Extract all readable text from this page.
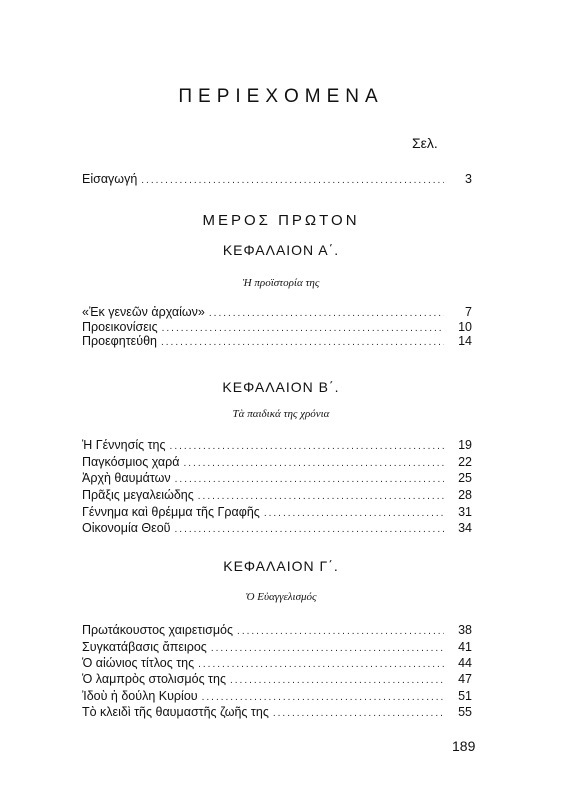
ΠΕΡΙΕΧΟΜΕΝΑ
Σελ.
Εἰσαγωγή .....	3
ΜΕΡΟΣ ΠΡΩΤΟΝ
ΚΕΦΑΛΑΙΟΝ Α΄.
Ἡ προϊστορία της
«Ἐκ γενεῶν ἀρχαίων» .....	7
Προεικονίσεις .....	10
Προεφητεύθη .....	14
ΚΕΦΑΛΑΙΟΝ Β΄.
Τὰ παιδικά της χρόνια
Ἡ Γέννησίς της .....	19
Παγκόσμιος χαρά .....	22
Ἀρχὴ θαυμάτων .....	25
Πρᾶξις μεγαλειώδης .....	28
Γέννημα καὶ θρέμμα τῆς Γραφῆς .....	31
Οἰκονομία Θεοῦ .....	34
ΚΕΦΑΛΑΙΟΝ Γ΄.
Ὁ Εὐαγγελισμός
Πρωτάκουστος χαιρετισμός .....	38
Συγκατάβασις ἄπειρος .....	41
Ὁ αἰώνιος τίτλος της .....	44
Ὁ λαμπρὸς στολισμός της .....	47
Ἰδοὺ ἡ δούλη Κυρίου .....	51
Τὸ κλειδὶ τῆς θαυμαστῆς ζωῆς της .....	55
189
